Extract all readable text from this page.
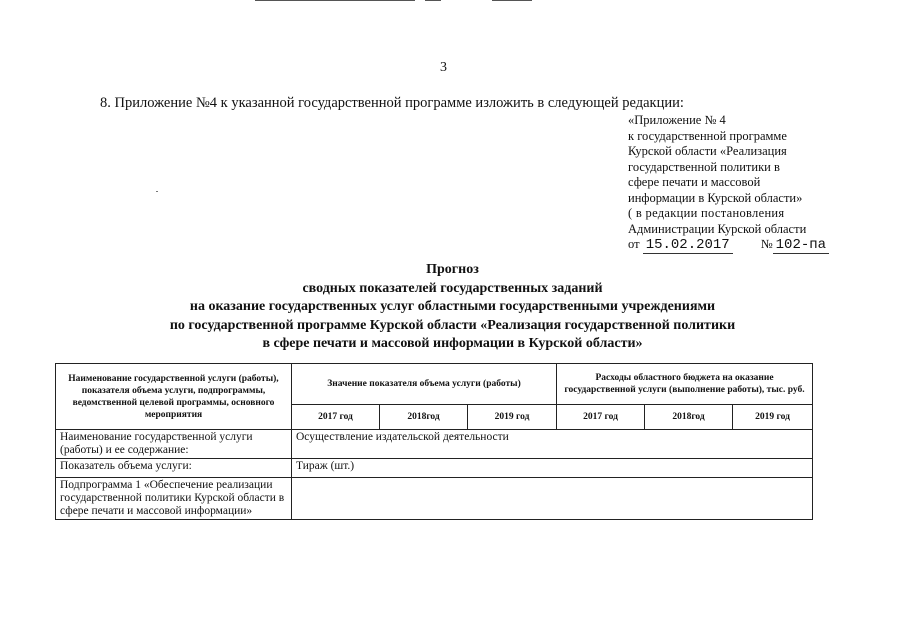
3
8. Приложение №4 к указанной государственной программе изложить в следующей редакции:
«Приложение № 4
к государственной программе
Курской области «Реализация
государственной политики в
сфере печати и массовой
информации в Курской области»
( в редакции постановления
Администрации Курской области
от 15.02.2017 № 102-па
Прогноз
сводных показателей государственных заданий
на оказание государственных услуг областными государственными учреждениями
по государственной программе Курской области «Реализация государственной политики
в сфере печати и массовой информации в Курской области»
Наименование государственной услуги (работы), показателя объема услуги, подпрограммы, ведомственной целевой программы, основного мероприятия	Значение показателя объема услуги (работы)			Расходы областного бюджета на оказание государственной услуги (выполнение работы), тыс. руб.		
	2017 год	2018год	2019 год	2017 год	2018год	2019 год
Наименование государственной услуги (работы) и ее содержание:	Осуществление издательской деятельности					
Показатель объема услуги:	Тираж (шт.)					
Подпрограмма 1 «Обеспечение реализации государственной политики Курской области в сфере печати и массовой информации»						
